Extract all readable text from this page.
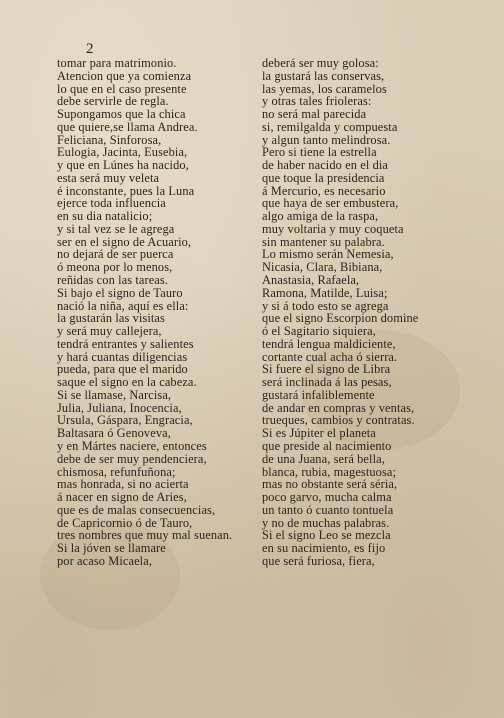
2
tomar para matrimonio.
Atencion que ya comienza
lo que en el caso presente
debe servirle de regla.
Supongamos que la chica
que quiere,se llama Andrea.
Feliciana, Sinforosa,
Eulogia, Jacinta, Eusebia,
y que en Lúnes ha nacido,
esta será muy veleta
é inconstante, pues la Luna
ejerce toda influencia
en su dia natalicio;
y si tal vez se le agrega
ser en el signo de Acuario,
no dejará de ser puerca
ó meona por lo menos,
reñidas con las tareas.
Si bajo el signo de Tauro
nació la niña, aquí es ella:
la gustarán las visitas
y será muy callejera,
tendrá entrantes y salientes
y hará cuantas diligencias
pueda, para que el marido
saque el signo en la cabeza.
Si se llamase, Narcisa,
Julia, Juliana, Inocencia,
Ursula, Gáspara, Engracia,
Baltasara ó Genoveva,
y en Mártes naciere, entonces
debe de ser muy pendenciera,
chismosa, refunfuñona;
mas honrada, si no acierta
á nacer en signo de Aries,
que es de malas consecuencias,
de Capricornio ó de Tauro,
tres nombres que muy mal suenan.
Si la jóven se llamare
por acaso Micaela,
deberá ser muy golosa:
la gustará las conservas,
las yemas, los caramelos
y otras tales frioleras:
no será mal parecida
si, remilgalda y compuesta
y algun tanto melindrosa.
Pero si tiene la estrella
de haber nacido en el dia
que toque la presidencia
á Mercurio, es necesario
que haya de ser embustera,
algo amiga de la raspa,
muy voltaria y muy coqueta
sin mantener su palabra.
Lo mismo serán Nemesia,
Nicasia, Clara, Bibiana,
Anastasia, Rafaela,
Ramona, Matilde, Luisa;
y si á todo esto se agrega
que el signo Escorpion domine
ó el Sagitario siquiera,
tendrá lengua maldiciente,
cortante cual acha ó sierra.
Si fuere el signo de Libra
será inclinada á las pesas,
gustará infaliblemente
de andar en compras y ventas,
trueques, cambios y contratas.
Si es Júpiter el planeta
que preside al nacimiento
de una Juana, será bella,
blanca, rubia, magestuosa;
mas no obstante será séria,
poco garvo, mucha calma
un tanto ó cuanto tontuela
y no de muchas palabras.
Si el signo Leo se mezcla
en su nacimiento, es fijo
que será furiosa, fiera,
